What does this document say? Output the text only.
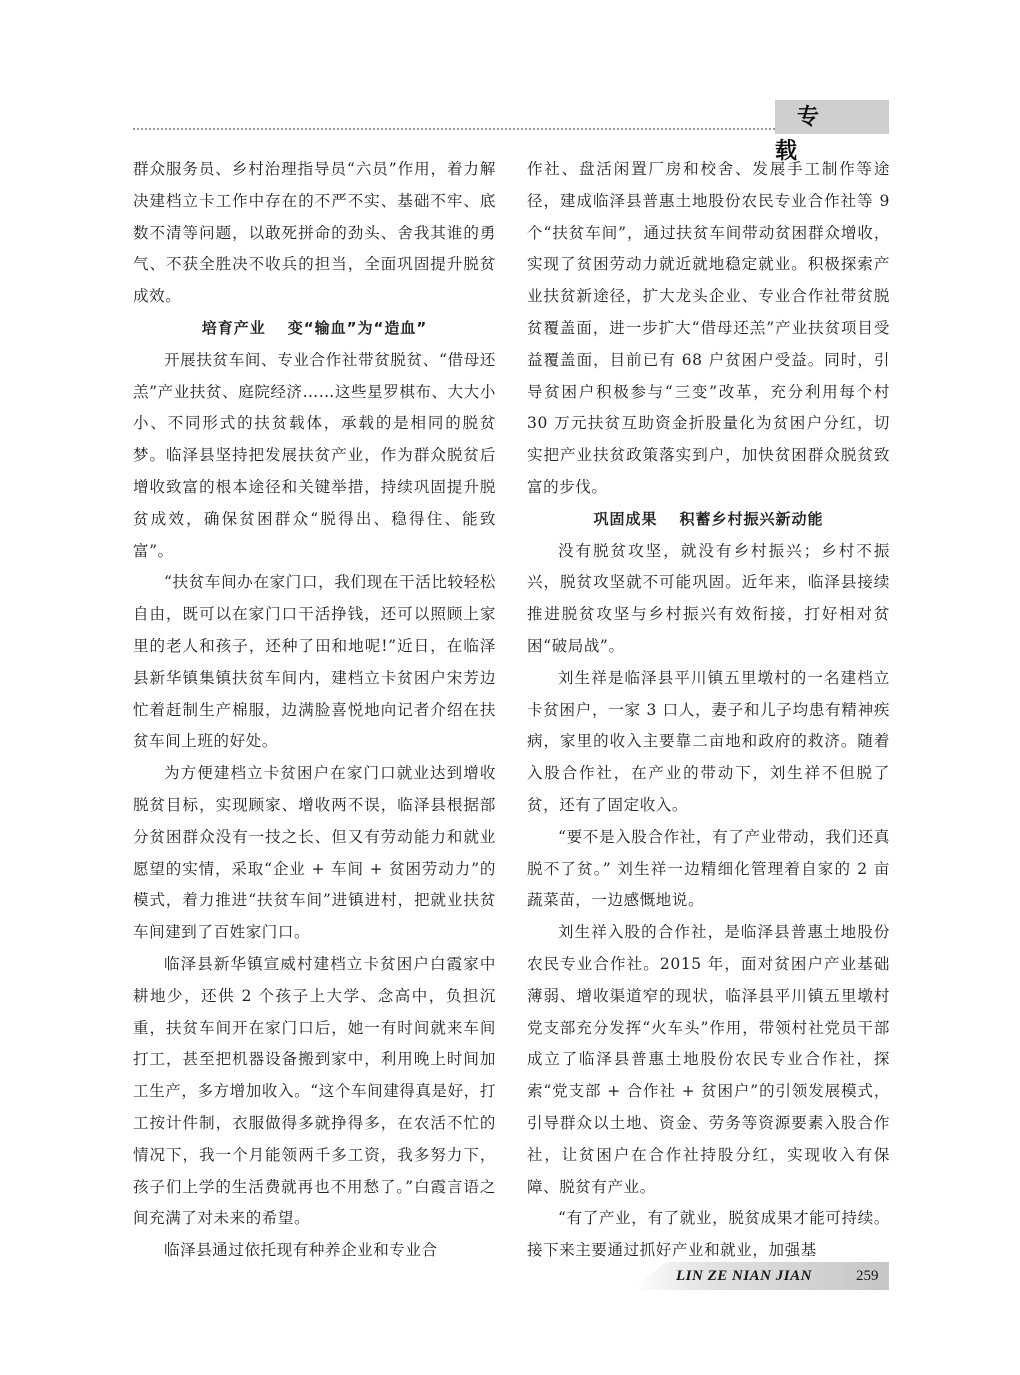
专载

群众服务员、乡村治理指导员“六员”作用，着力解决建档立卡工作中存在的不严不实、基础不牢、底数不清等问题，以敢死拼命的劲头、舍我其谁的勇气、不获全胜决不收兵的担当，全面巩固提升脱贫成效。

培育产业 变“输血”为“造血”

开展扶贫车间、专业合作社带贫脱贫、“借母还羔”产业扶贫、庭院经济……这些星罗棋布、大大小小、不同形式的扶贫载体，承载的是相同的脱贫梦。临泽县坚持把发展扶贫产业，作为群众脱贫后增收致富的根本途径和关键举措，持续巩固提升脱贫成效，确保贫困群众“脱得出、稳得住、能致富”。

“扶贫车间办在家门口，我们现在干活比较轻松自由，既可以在家门口干活挣钱，还可以照顾上家里的老人和孩子，还种了田和地呢!”近日，在临泽县新华镇集镇扶贫车间内，建档立卡贫困户宋芳边忙着赶制生产棉服，边满脸喜悦地向记者介绍在扶贫车间上班的好处。

为方便建档立卡贫困户在家门口就业达到增收脱贫目标，实现顾家、增收两不误，临泽县根据部分贫困群众没有一技之长、但又有劳动能力和就业愿望的实情，采取“企业 + 车间 + 贫困劳动力”的模式，着力推进“扶贫车间”进镇进村，把就业扶贫车间建到了百姓家门口。

临泽县新华镇宣威村建档立卡贫困户白霞家中耕地少，还供 2 个孩子上大学、念高中，负担沉重，扶贫车间开在家门口后，她一有时间就来车间打工，甚至把机器设备搬到家中，利用晚上时间加工生产，多方增加收入。“这个车间建得真是好，打工按计件制，衣服做得多就挣得多，在农活不忙的情况下，我一个月能领两千多工资，我多努力下，孩子们上学的生活费就再也不用愁了。”白霞言语之间充满了对未来的希望。

临泽县通过依托现有种养企业和专业合

作社、盘活闲置厂房和校舍、发展手工制作等途径，建成临泽县普惠土地股份农民专业合作社等 9 个“扶贫车间”，通过扶贫车间带动贫困群众增收，实现了贫困劳动力就近就地稳定就业。积极探索产业扶贫新途径，扩大龙头企业、专业合作社带贫脱贫覆盖面，进一步扩大“借母还羔”产业扶贫项目受益覆盖面，目前已有 68 户贫困户受益。同时，引导贫困户积极参与“三变”改革，充分利用每个村 30 万元扶贫互助资金折股量化为贫困户分红，切实把产业扶贫政策落实到户，加快贫困群众脱贫致富的步伐。

巩固成果 积蓄乡村振兴新动能

没有脱贫攻坚，就没有乡村振兴；乡村不振兴，脱贫攻坚就不可能巩固。近年来，临泽县接续推进脱贫攻坚与乡村振兴有效衔接，打好相对贫困“破局战”。

刘生祥是临泽县平川镇五里墩村的一名建档立卡贫困户，一家 3 口人，妻子和儿子均患有精神疾病，家里的收入主要靠二亩地和政府的救济。随着入股合作社，在产业的带动下，刘生祥不但脱了贫，还有了固定收入。

“要不是入股合作社，有了产业带动，我们还真脱不了贫。” 刘生祥一边精细化管理着自家的 2 亩蔬菜苗，一边感慨地说。

刘生祥入股的合作社，是临泽县普惠土地股份农民专业合作社。2015 年，面对贫困户产业基础薄弱、增收渠道窄的现状，临泽县平川镇五里墩村党支部充分发挥“火车头”作用，带领村社党员干部成立了临泽县普惠土地股份农民专业合作社，探索“党支部 + 合作社 + 贫困户”的引领发展模式，引导群众以土地、资金、劳务等资源要素入股合作社，让贫困户在合作社持股分红，实现收入有保障、脱贫有产业。

“有了产业，有了就业，脱贫成果才能可持续。接下来主要通过抓好产业和就业，加强基

LIN ZE NIAN JIAN	259
